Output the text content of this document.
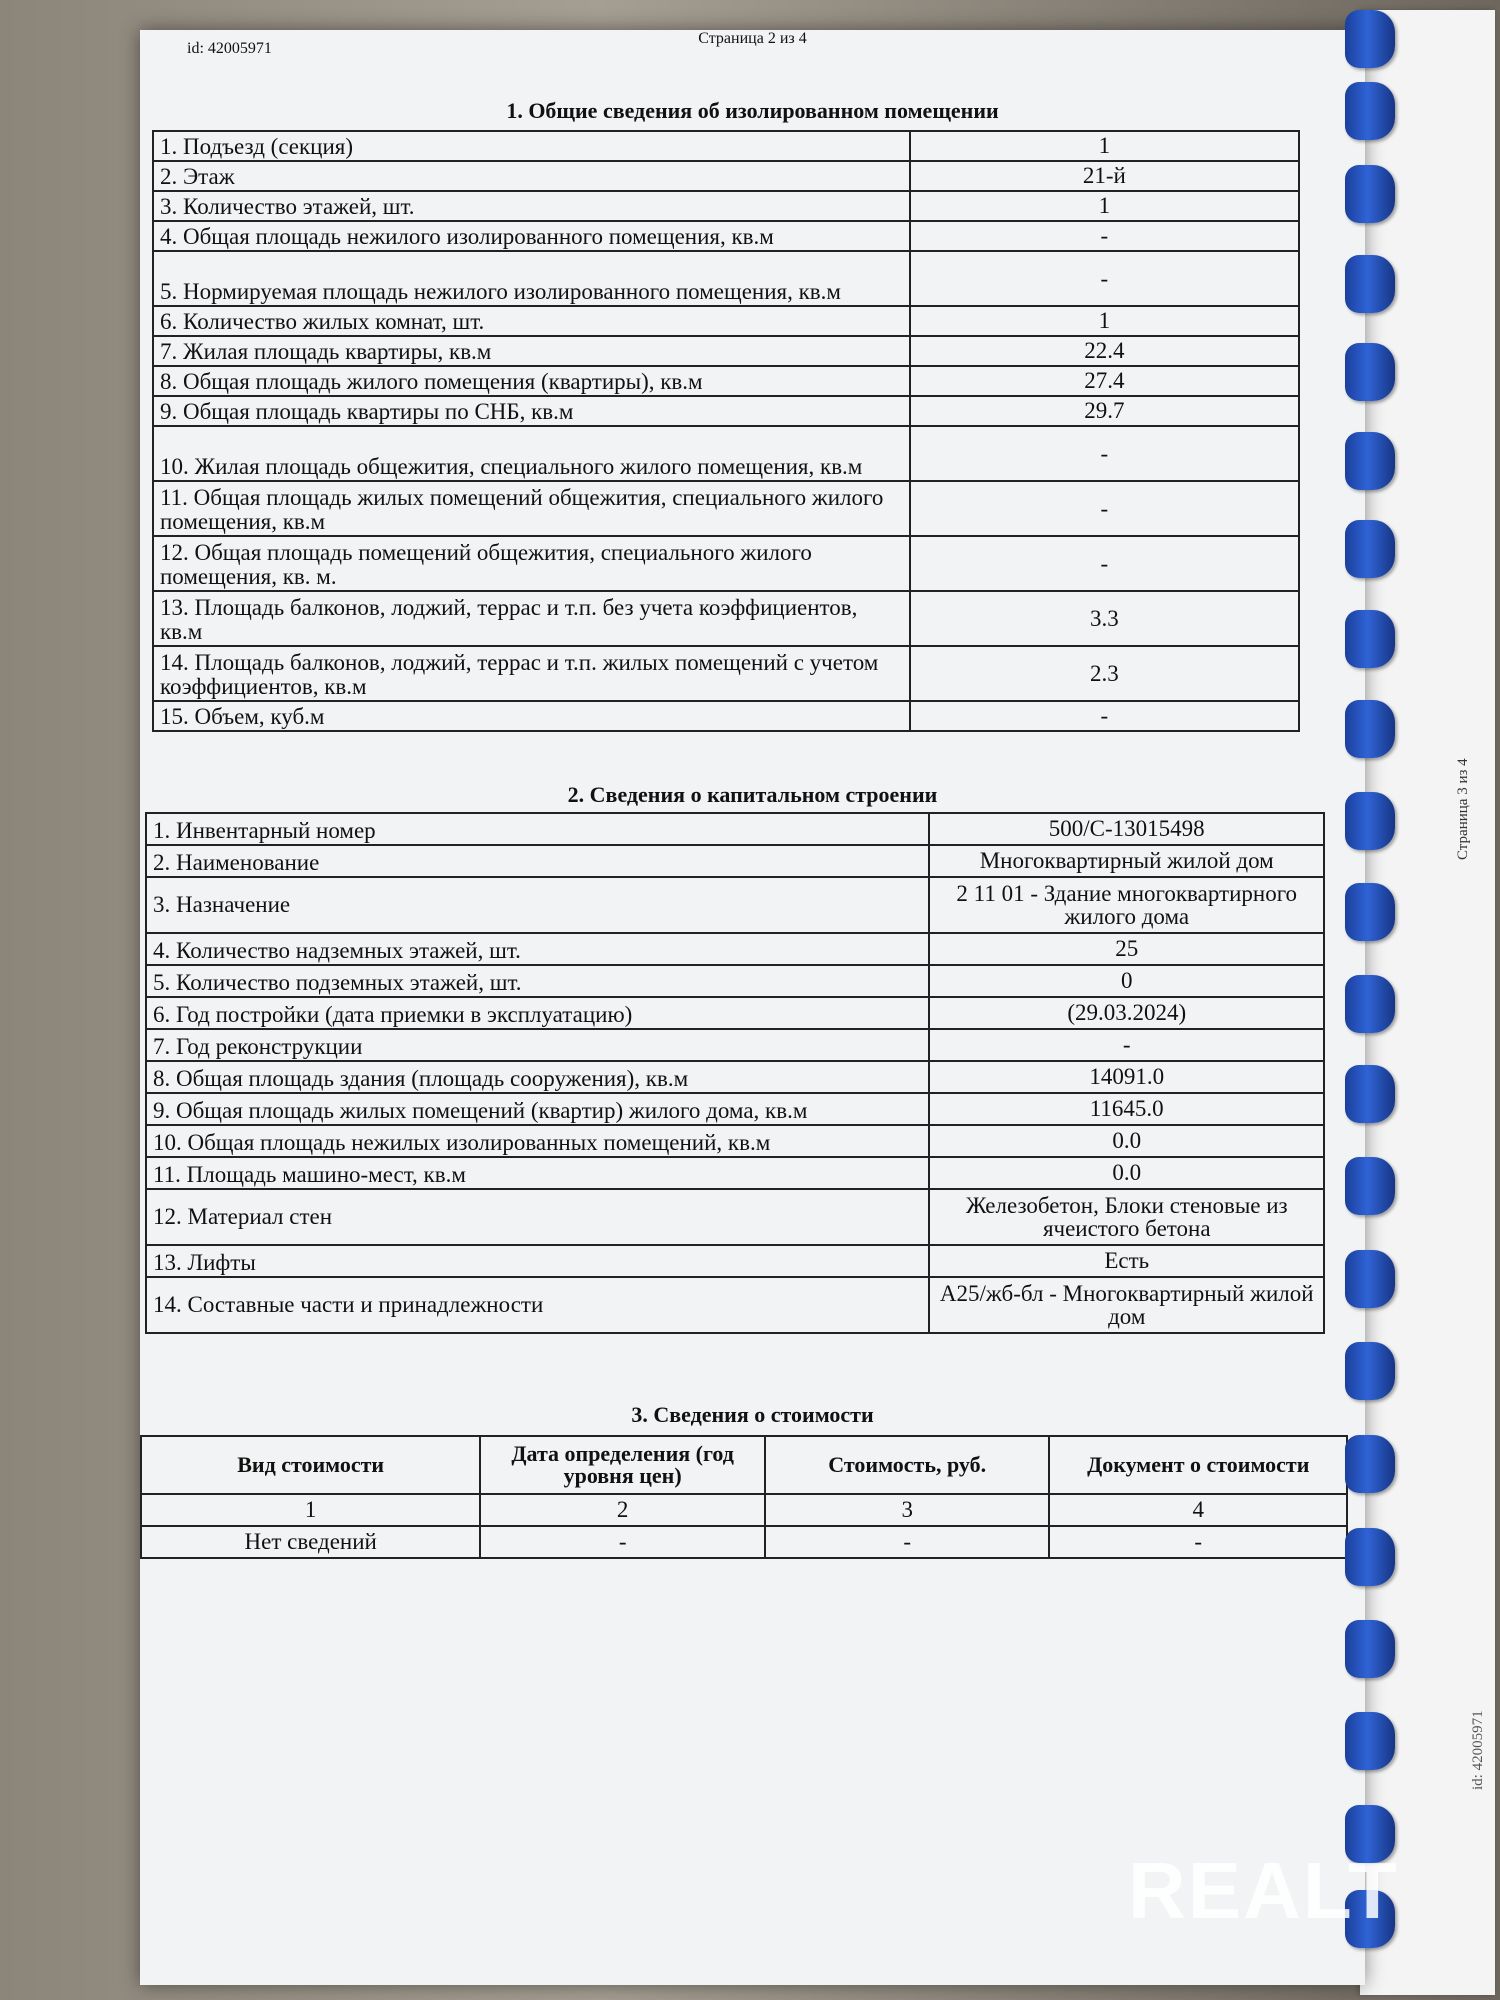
id: 42005971
Страница 2 из 4
1. Общие сведения об изолированном помещении
1. Подъезд (секция)	1
2. Этаж	21-й
3. Количество этажей, шт.	1
4. Общая площадь нежилого изолированного помещения, кв.м	-
5. Нормируемая площадь нежилого изолированного помещения, кв.м	-
6. Количество жилых комнат, шт.	1
7. Жилая площадь квартиры, кв.м	22.4
8. Общая площадь жилого помещения (квартиры), кв.м	27.4
9. Общая площадь квартиры по СНБ, кв.м	29.7
10. Жилая площадь общежития, специального жилого помещения, кв.м	-
11. Общая площадь жилых помещений общежития, специального жилого помещения, кв.м	-
12. Общая площадь помещений общежития, специального жилого помещения, кв. м.	-
13. Площадь балконов, лоджий, террас и т.п. без учета коэффициентов, кв.м	3.3
14. Площадь балконов, лоджий, террас и т.п. жилых помещений с учетом коэффициентов, кв.м	2.3
15. Объем, куб.м	-
2. Сведения о капитальном строении
1. Инвентарный номер	500/С-13015498
2. Наименование	Многоквартирный жилой дом
3. Назначение	2 11 01 - Здание многоквартирного жилого дома
4. Количество надземных этажей, шт.	25
5. Количество подземных этажей, шт.	0
6. Год постройки (дата приемки в эксплуатацию)	(29.03.2024)
7. Год реконструкции	-
8. Общая площадь здания (площадь сооружения), кв.м	14091.0
9. Общая площадь жилых помещений (квартир) жилого дома, кв.м	11645.0
10. Общая площадь нежилых изолированных помещений, кв.м	0.0
11. Площадь машино-мест, кв.м	0.0
12. Материал стен	Железобетон, Блоки стеновые из ячеистого бетона
13. Лифты	Есть
14. Составные части и принадлежности	А25/жб-бл - Многоквартирный жилой дом
3. Сведения о стоимости
Вид стоимости	Дата определения (год уровня цен)	Стоимость, руб.	Документ о стоимости
1	2	3	4
Нет сведений	-	-	-
Страница 3 из 4
id: 42005971
REALT
